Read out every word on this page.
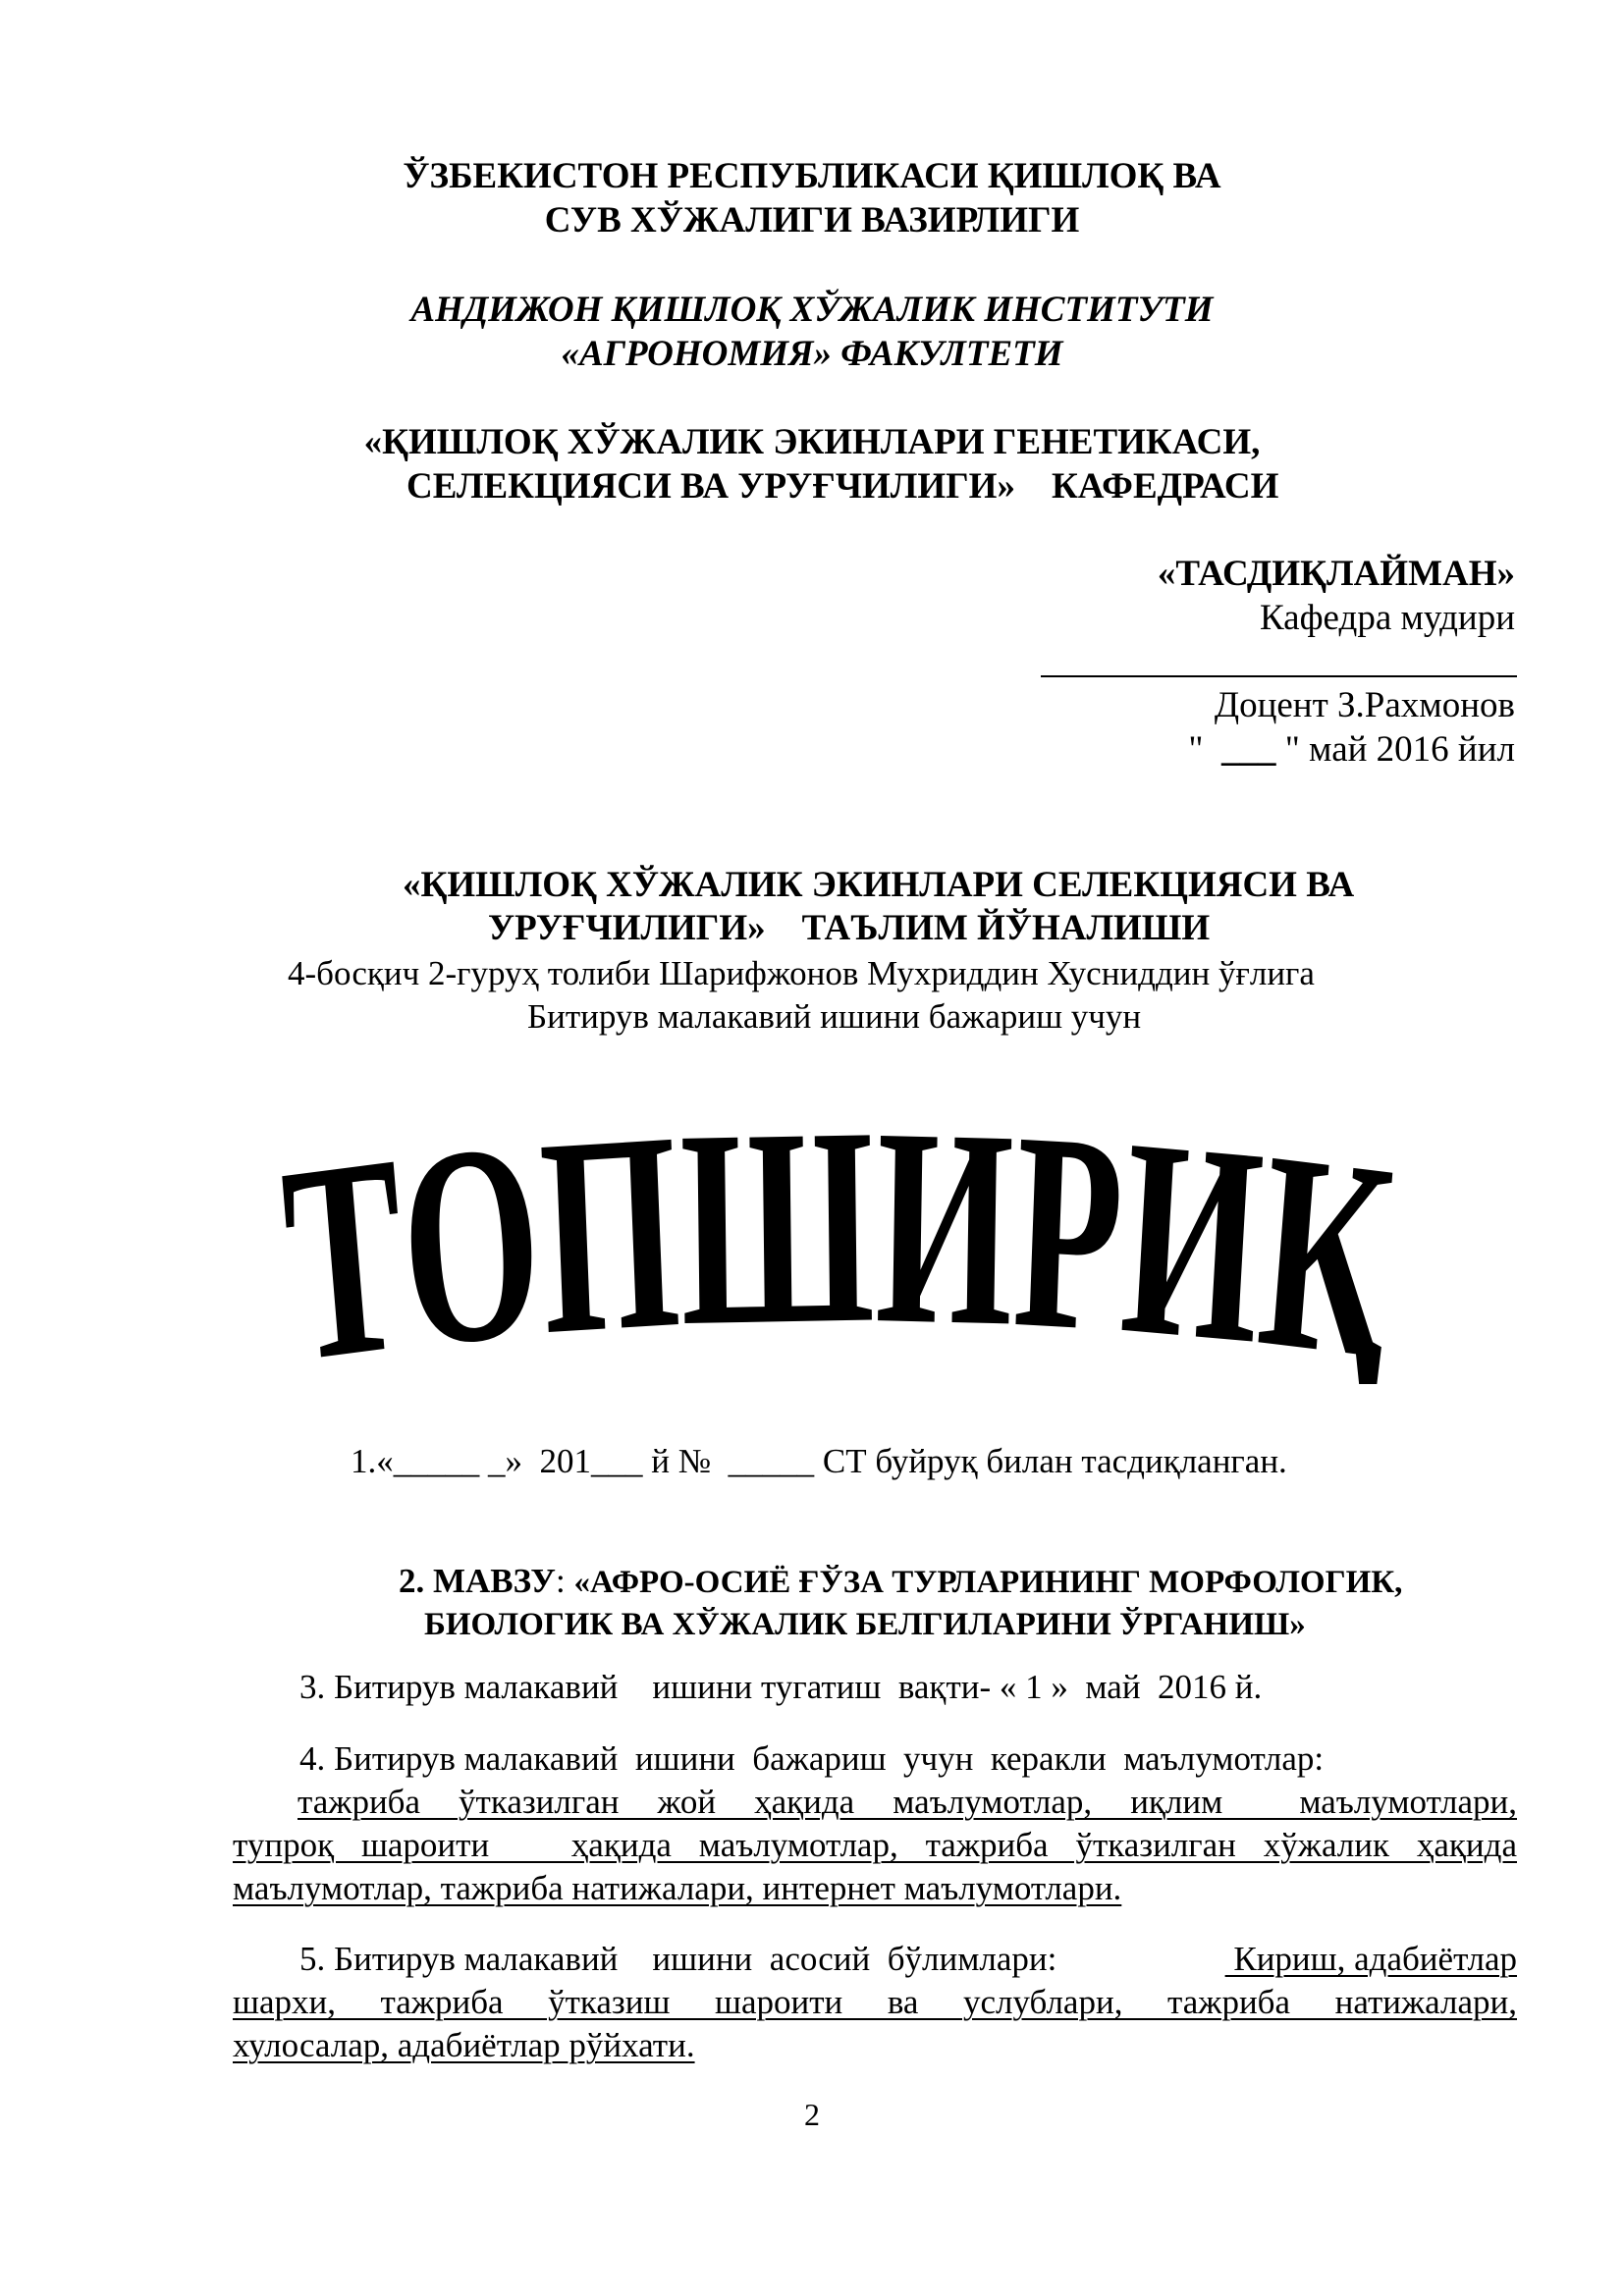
ЎЗБЕКИСТОН РЕСПУБЛИКАСИ ҚИШЛОҚ ВА
СУВ ХЎЖАЛИГИ ВАЗИРЛИГИ
АНДИЖОН ҚИШЛОҚ ХЎЖАЛИК ИНСТИТУТИ
«АГРОНОМИЯ» ФАКУЛТЕТИ
«ҚИШЛОҚ ХЎЖАЛИК ЭКИНЛАРИ ГЕНЕТИКАСИ,
СЕЛЕКЦИЯСИ ВА УРУҒЧИЛИГИ»    КАФЕДРАСИ
«ТАСДИҚЛАЙМАН»
Кафедра мудири
Доцент З.Рахмонов
" ___ " май 2016 йил
«ҚИШЛОҚ ХЎЖАЛИК ЭКИНЛАРИ СЕЛЕКЦИЯСИ ВА
УРУҒЧИЛИГИ»    ТАЪЛИМ ЙЎНАЛИШИ
4-босқич 2-гуруҳ толиби Шарифжонов Мухриддин Хусниддин ўғлига
Битирув малакавий ишини бажариш учун
ТОПШИРИҚ
1.«_____ _»  201___ й №  _____ СТ буйруқ билан тасдиқланган.
2. МАВЗУ: «АФРО-ОСИЁ ҒЎЗА ТУРЛАРИНИНГ МОРФОЛОГИК,
БИОЛОГИК ВА ХЎЖАЛИК БЕЛГИЛАРИНИ ЎРГАНИШ»
3. Битирув малакавий    ишини тугатиш  вақти- « 1 »  май  2016 й.
4. Битирув малакавий  ишини  бажариш  учун  керакли  маълумотлар:
тажриба  ўтказилган  жой  ҳақида  маълумотлар,  иқлим    маълумотлари,
тупроқ шароити   ҳақида маълумотлар, тажриба ўтказилган хўжалик ҳақида
маълумотлар, тажриба натижалари, интернет маълумотлари.
5. Битирув малакавий    ишини  асосий  бўлимлари:	Кириш, адабиётлар
шархи,  тажриба  ўтказиш  шароити  ва  услублари,  тажриба  натижалари,
хулосалар, адабиётлар рўйхати.
2
